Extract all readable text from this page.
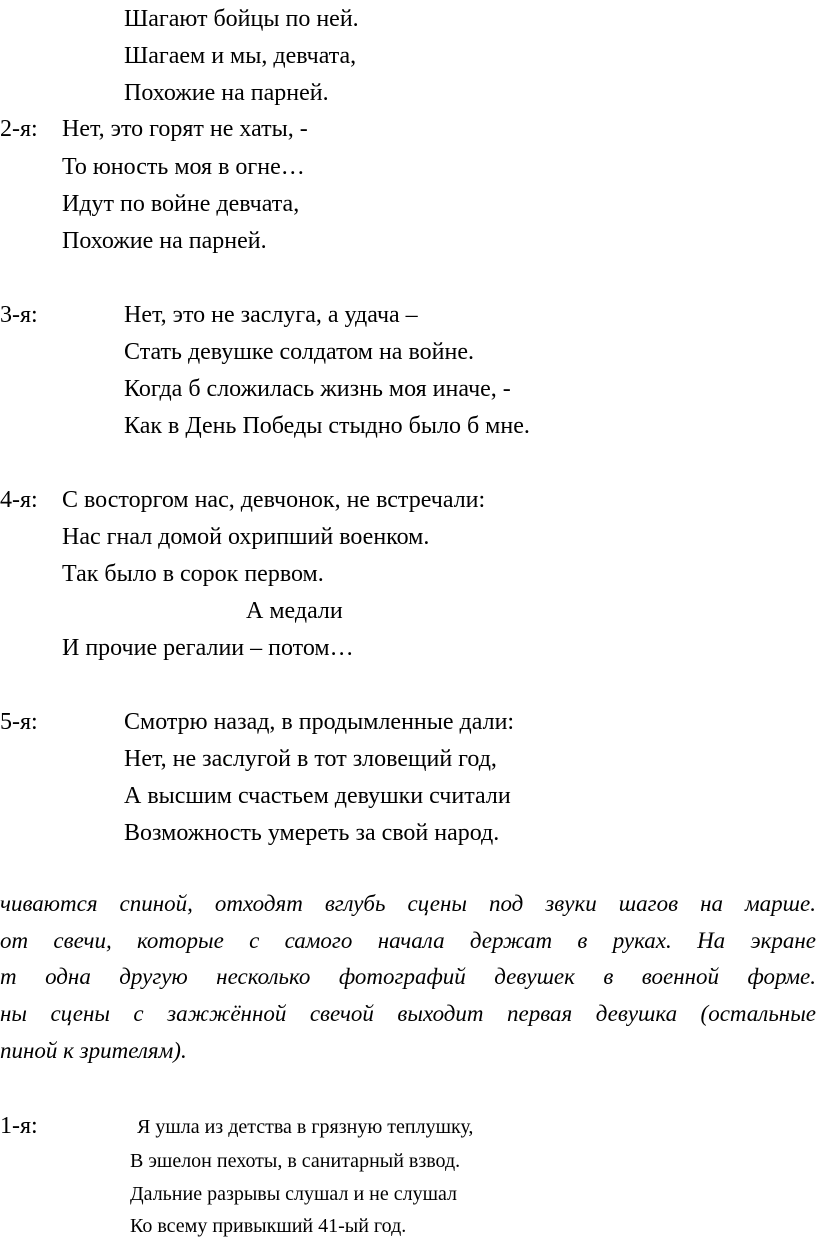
Шагают бойцы по ней.
Шагаем и мы, девчата,
Похожие на парней.
2-я: Нет, это горят не хаты, -
То юность моя в огне…
Идут по войне девчата,
Похожие на парней.
3-я:	Нет, это не заслуга, а удача –
Стать девушке солдатом на войне.
Когда б сложилась жизнь моя иначе, -
Как в День Победы стыдно было б мне.
4-я: С восторгом нас, девчонок, не встречали:
Нас гнал домой охрипший военком.
Так было в сорок первом.
А медали
И прочие регалии – потом…
5-я:	Смотрю назад, в продымленные дали:
Нет, не заслугой в тот зловещий год,
А высшим счастьем девушки считали
Возможность умереть за свой народ.
чиваются спиной, отходят вглубь сцены под звуки шагов на марше.
от свечи, которые с самого начала держат в руках. На экране
т одна другую несколько фотографий девушек в военной форме.
ны сцены с зажжённой свечой выходит первая девушка (остальные
пиной к зрителям).
1-я:	Я ушла из детства в грязную теплушку,
В эшелон пехоты, в санитарный взвод.
Дальние разрывы слушал и не слушал
Ко всему привыкший 41-ый год.
